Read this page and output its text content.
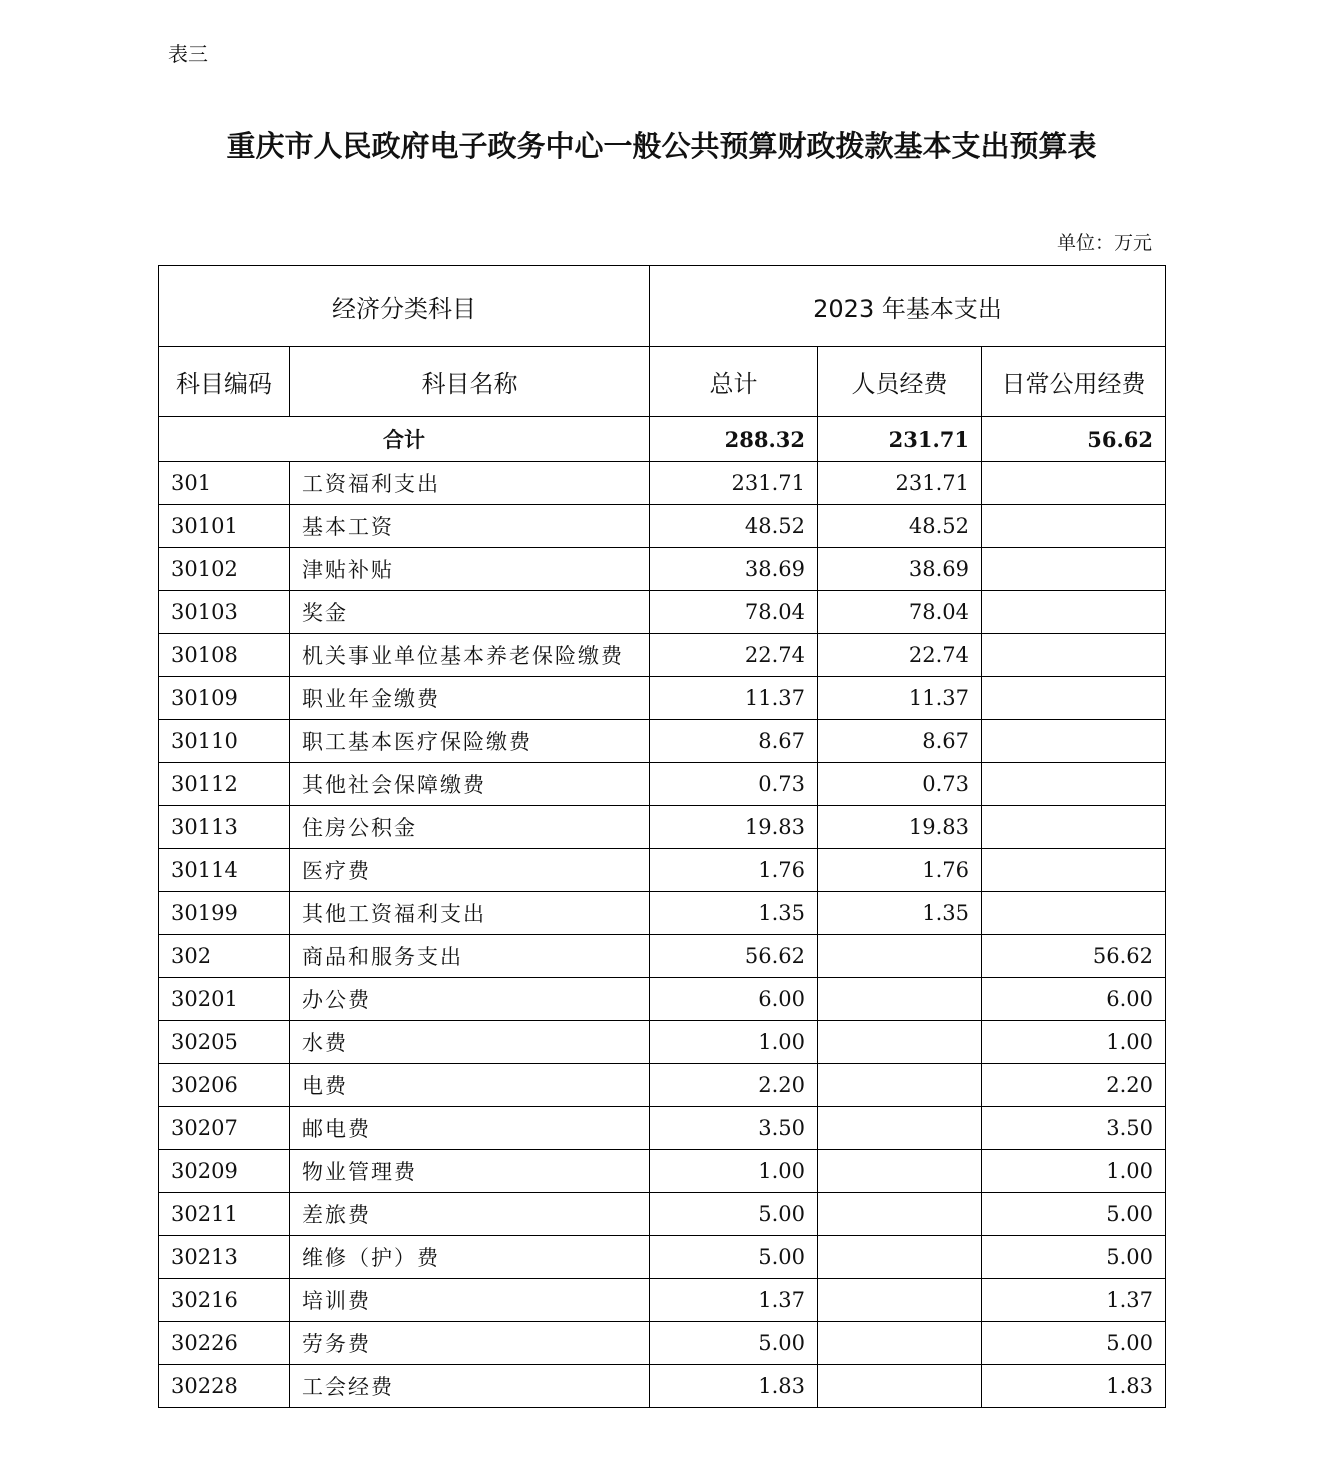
表三
重庆市人民政府电子政务中心一般公共预算财政拨款基本支出预算表
单位：万元
经济分类科目		2023 年基本支出		
科目编码	科目名称	总计	人员经费	日常公用经费
合计		288.32	231.71	56.62
301	工资福利支出	231.71	231.71	
30101	基本工资	48.52	48.52	
30102	津贴补贴	38.69	38.69	
30103	奖金	78.04	78.04	
30108	机关事业单位基本养老保险缴费	22.74	22.74	
30109	职业年金缴费	11.37	11.37	
30110	职工基本医疗保险缴费	8.67	8.67	
30112	其他社会保障缴费	0.73	0.73	
30113	住房公积金	19.83	19.83	
30114	医疗费	1.76	1.76	
30199	其他工资福利支出	1.35	1.35	
302	商品和服务支出	56.62		56.62
30201	办公费	6.00		6.00
30205	水费	1.00		1.00
30206	电费	2.20		2.20
30207	邮电费	3.50		3.50
30209	物业管理费	1.00		1.00
30211	差旅费	5.00		5.00
30213	维修（护）费	5.00		5.00
30216	培训费	1.37		1.37
30226	劳务费	5.00		5.00
30228	工会经费	1.83		1.83
